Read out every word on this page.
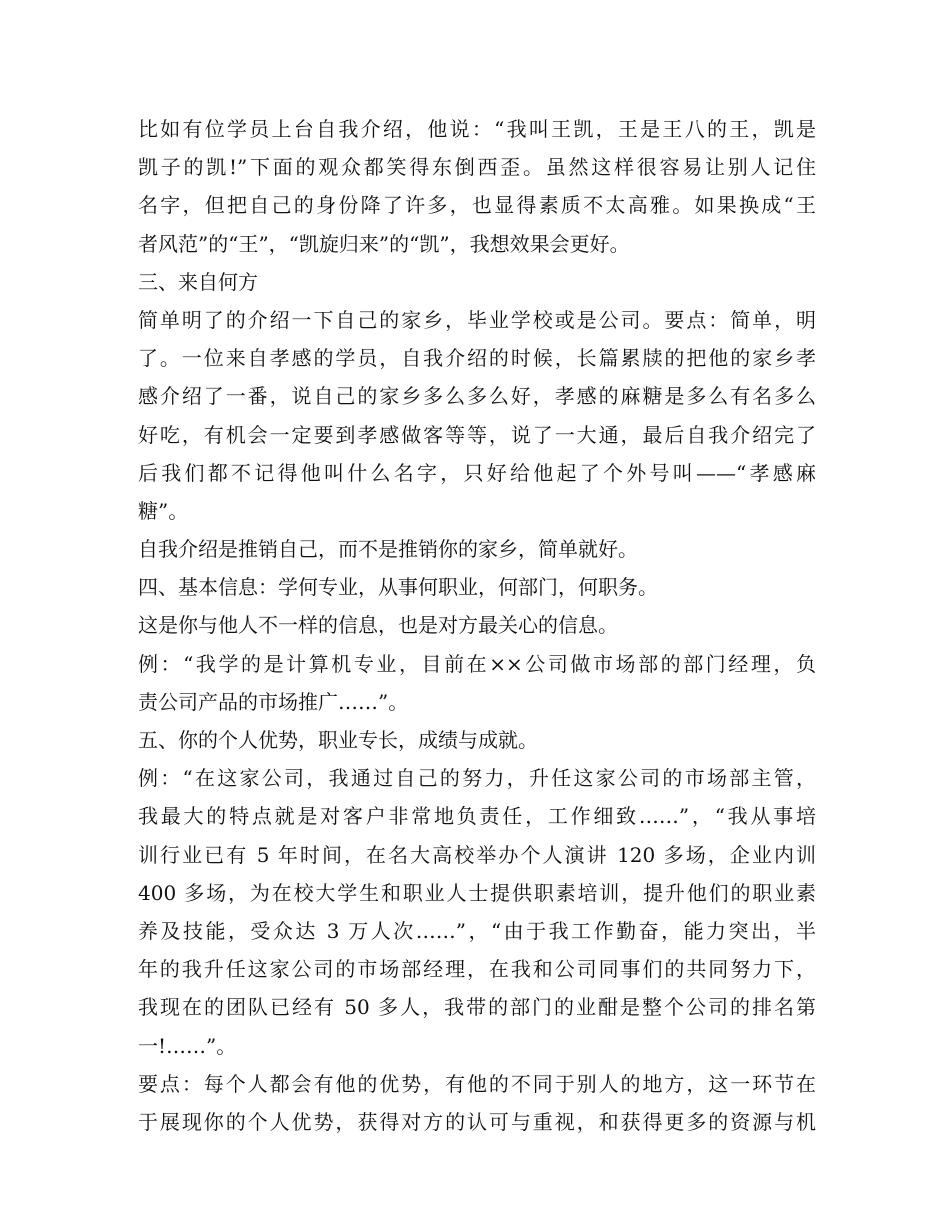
比如有位学员上台自我介绍，他说：“我叫王凯，王是王八的王，凯是
凯子的凯!”下面的观众都笑得东倒西歪。虽然这样很容易让别人记住
名字，但把自己的身份降了许多，也显得素质不太高雅。如果换成“王
者风范”的“王”，“凯旋归来”的“凯”，我想效果会更好。
三、来自何方
简单明了的介绍一下自己的家乡，毕业学校或是公司。要点：简单，明
了。一位来自孝感的学员，自我介绍的时候，长篇累牍的把他的家乡孝
感介绍了一番，说自己的家乡多么多么好，孝感的麻糖是多么有名多么
好吃，有机会一定要到孝感做客等等，说了一大通，最后自我介绍完了
后我们都不记得他叫什么名字，只好给他起了个外号叫——“孝感麻
糖”。
自我介绍是推销自己，而不是推销你的家乡，简单就好。
四、基本信息：学何专业，从事何职业，何部门，何职务。
这是你与他人不一样的信息，也是对方最关心的信息。
例：“我学的是计算机专业，目前在××公司做市场部的部门经理，负
责公司产品的市场推广……”。
五、你的个人优势，职业专长，成绩与成就。
例：“在这家公司，我通过自己的努力，升任这家公司的市场部主管，
我最大的特点就是对客户非常地负责任，工作细致……”，“我从事培
训行业已有 5 年时间，在名大高校举办个人演讲 120 多场，企业内训
400 多场，为在校大学生和职业人士提供职素培训，提升他们的职业素
养及技能，受众达 3 万人次……”，“由于我工作勤奋，能力突出，半
年的我升任这家公司的市场部经理，在我和公司同事们的共同努力下，
我现在的团队已经有 50 多人，我带的部门的业酣是整个公司的排名第
一!……”。
要点：每个人都会有他的优势，有他的不同于别人的地方，这一环节在
于展现你的个人优势，获得对方的认可与重视，和获得更多的资源与机
